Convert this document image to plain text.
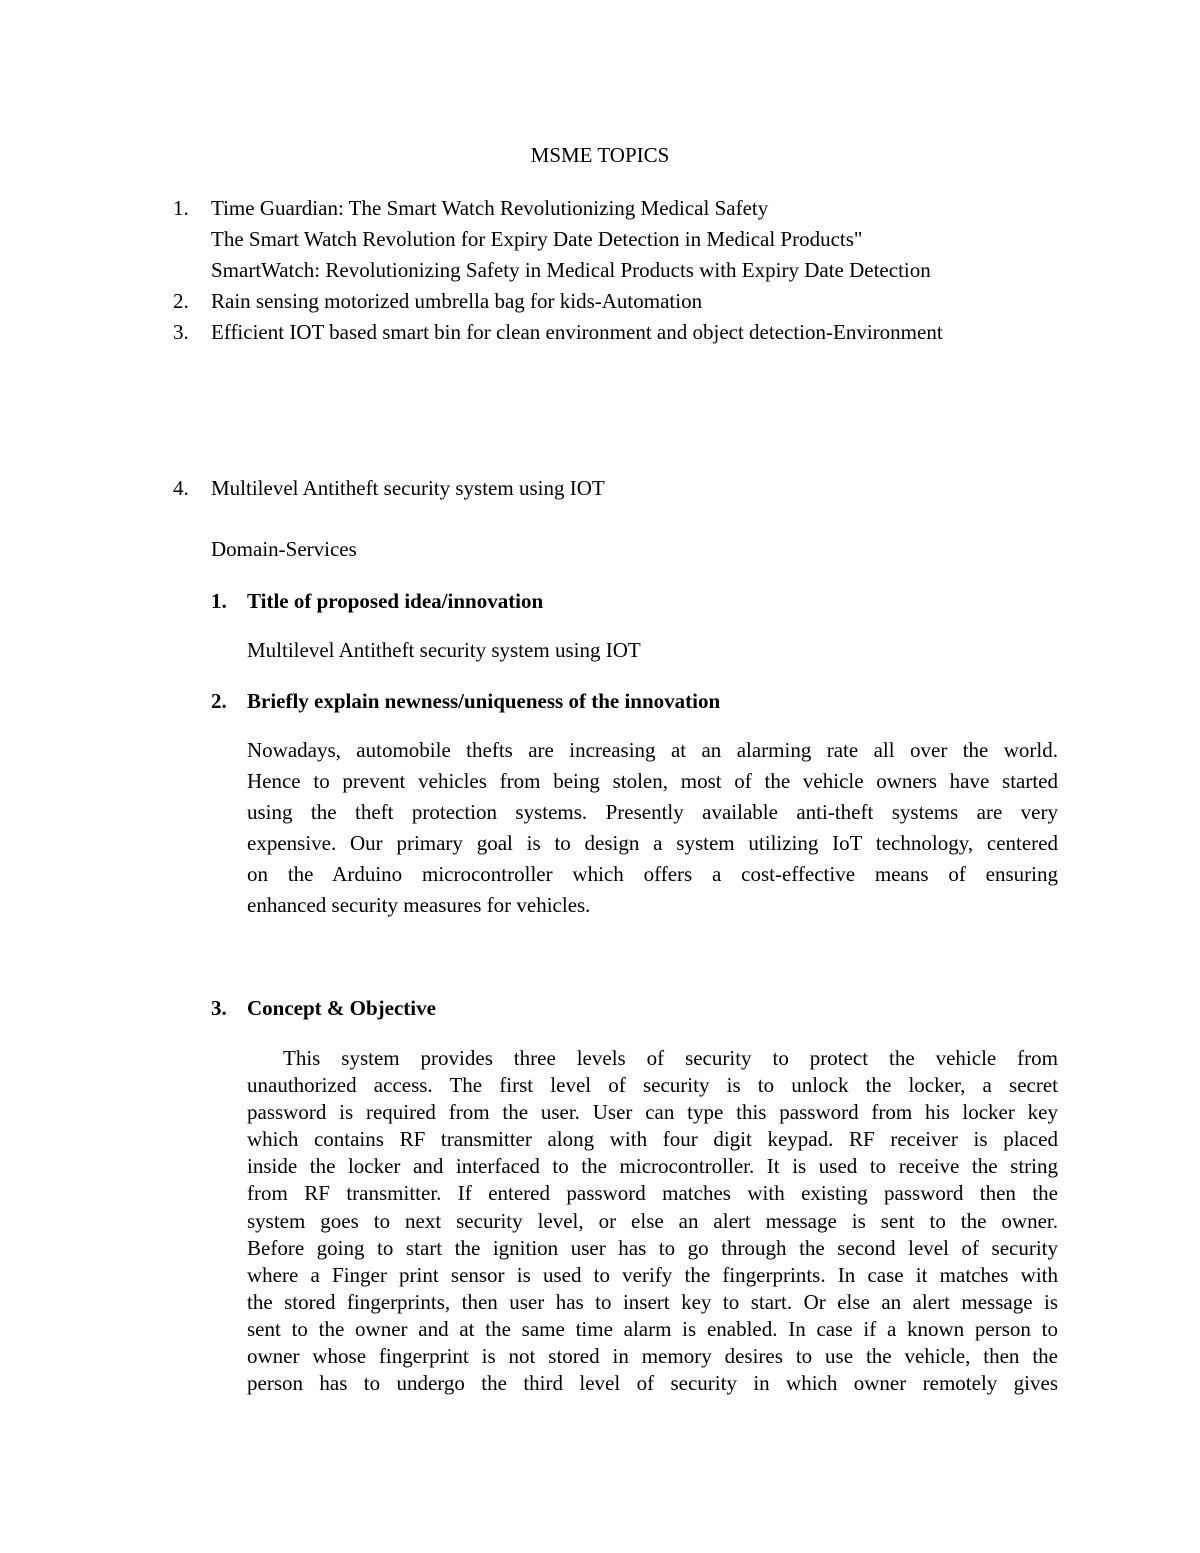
MSME TOPICS
1.	Time Guardian: The Smart Watch Revolutionizing Medical Safety
The Smart Watch Revolution for Expiry Date Detection in Medical Products"
SmartWatch: Revolutionizing Safety in Medical Products with Expiry Date Detection
2.	Rain sensing motorized umbrella bag for kids-Automation
3.	Efficient IOT based smart bin for clean environment and object detection-Environment
4.	Multilevel Antitheft security system using IOT
Domain-Services
1. Title of proposed idea/innovation
Multilevel Antitheft security system using IOT
2. Briefly explain newness/uniqueness of the innovation
Nowadays, automobile thefts are increasing at an alarming rate all over the world.
Hence to prevent vehicles from being stolen, most of the vehicle owners have started
using the theft protection systems. Presently available anti-theft systems are very
expensive. Our primary goal is to design a system utilizing IoT technology, centered
on the Arduino microcontroller which offers a cost-effective means of ensuring
enhanced security measures for vehicles.
3. Concept & Objective
This system provides three levels of security to protect the vehicle from
unauthorized access. The first level of security is to unlock the locker, a secret
password is required from the user. User can type this password from his locker key
which contains RF transmitter along with four digit keypad. RF receiver is placed
inside the locker and interfaced to the microcontroller. It is used to receive the string
from RF transmitter. If entered password matches with existing password then the
system goes to next security level, or else an alert message is sent to the owner.
Before going to start the ignition user has to go through the second level of security
where a Finger print sensor is used to verify the fingerprints. In case it matches with
the stored fingerprints, then user has to insert key to start. Or else an alert message is
sent to the owner and at the same time alarm is enabled. In case if a known person to
owner whose fingerprint is not stored in memory desires to use the vehicle, then the
person has to undergo the third level of security in which owner remotely gives
